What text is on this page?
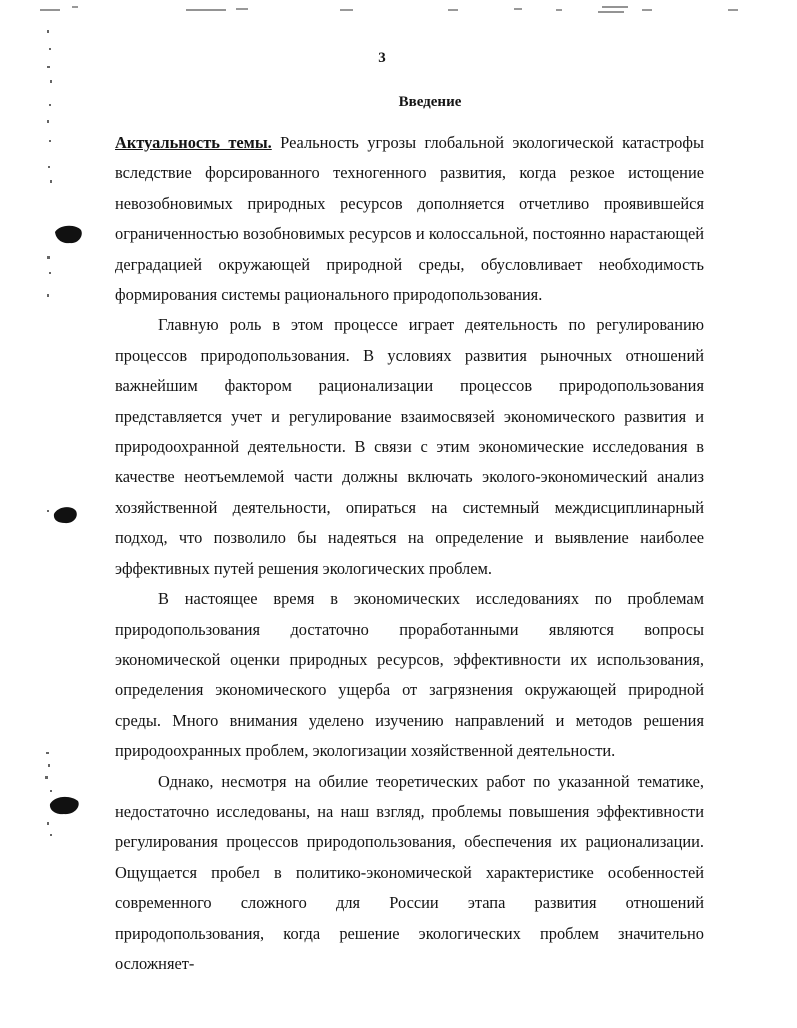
3
Введение

Актуальность темы. Реальность угрозы глобальной экологической катастрофы вследствие форсированного техногенного развития, когда резкое истощение невозобновимых природных ресурсов дополняется отчетливо проявившейся ограниченностью возобновимых ресурсов и колоссальной, постоянно нарастающей деградацией окружающей природной среды, обусловливает необходимость формирования системы рационального природопользования.

Главную роль в этом процессе играет деятельность по регулированию процессов природопользования. В условиях развития рыночных отношений важнейшим фактором рационализации процессов природопользования представляется учет и регулирование взаимосвязей экономического развития и природоохранной деятельности. В связи с этим экономические исследования в качестве неотъемлемой части должны включать эколого-экономический анализ хозяйственной деятельности, опираться на системный междисциплинарный подход, что позволило бы надеяться на определение и выявление наиболее эффективных путей решения экологических проблем.

В настоящее время в экономических исследованиях по проблемам природопользования достаточно проработанными являются вопросы экономической оценки природных ресурсов, эффективности их использования, определения экономического ущерба от загрязнения окружающей природной среды. Много внимания уделено изучению направлений и методов решения природоохранных проблем, экологизации хозяйственной деятельности.

Однако, несмотря на обилие теоретических работ по указанной тематике, недостаточно исследованы, на наш взгляд, проблемы повышения эффективности регулирования процессов природопользования, обеспечения их рационализации. Ощущается пробел в политико-экономической характеристике особенностей современного сложного для России этапа развития отношений природопользования, когда решение экологических проблем значительно осложняет-
